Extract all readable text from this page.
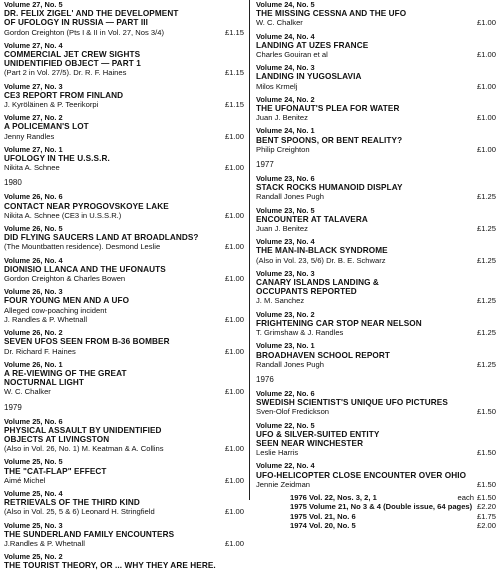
Volume 27, No. 5
DR. FELIX ZIGEL' AND THE DEVELOPMENT
OF UFOLOGY IN RUSSIA — PART III
Gordon Creighton (Pts I & II in Vol. 27, Nos 3/4)	£1.15
Volume 27, No. 4
COMMERCIAL JET CREW SIGHTS
UNIDENTIFIED OBJECT — PART 1
(Part 2 in Vol. 27/5). Dr. R. F. Haines	£1.15
Volume 27, No. 3
CE3 REPORT FROM FINLAND
J. Kyröläinen & P. Teerikorpi	£1.15
Volume 27, No. 2
A POLICEMAN'S LOT
Jenny Randles	£1.00
Volume 27, No. 1
UFOLOGY IN THE U.S.S.R.
Nikita A. Schnee	£1.00
1980
Volume 26, No. 6
CONTACT NEAR PYROGOVSKOYE LAKE
Nikita A. Schnee (CE3 in U.S.S.R.)	£1.00
Volume 26, No. 5
DID FLYING SAUCERS LAND AT BROADLANDS?
(The Mountbatten residence). Desmond Leslie	£1.00
Volume 26, No. 4
DIONISIO LLANCA AND THE UFONAUTS
Gordon Creighton & Charles Bowen	£1.00
Volume 26, No. 3
FOUR YOUNG MEN AND A UFO
Alleged cow-poaching incident
J. Randles & P. Whetnall	£1.00
Volume 26, No. 2
SEVEN UFOS SEEN FROM B-36 BOMBER
Dr. Richard F. Haines	£1.00
Volume 26, No. 1
A RE-VIEWING OF THE GREAT
NOCTURNAL LIGHT
W. C. Chalker	£1.00
1979
Volume 25, No. 6
PHYSICAL ASSAULT BY UNIDENTIFIED
OBJECTS AT LIVINGSTON
(Also in Vol. 26, No. 1) M. Keatman & A. Collins	£1.00
Volume 25, No. 5
THE "CAT-FLAP" EFFECT
Aimé Michel	£1.00
Volume 25, No. 4
RETRIEVALS OF THE THIRD KIND
(Also in Vol. 25, 5 & 6) Leonard H. Stringfield	£1.00
Volume 25, No. 3
THE SUNDERLAND FAMILY ENCOUNTERS
J.Randles & P. Whetnall	£1.00
Volume 25, No. 2
THE TOURIST THEORY, OR ... WHY THEY ARE HERE.
Volume 24, No. 5
THE MISSING CESSNA AND THE UFO
W. C. Chalker	£1.00
Volume 24, No. 4
LANDING AT UZES FRANCE
Charles Gouiran et al	£1.00
Volume 24, No. 3
LANDING IN YUGOSLAVIA
Milos Krmelj	£1.00
Volume 24, No. 2
THE UFONAUT'S PLEA FOR WATER
Juan J. Benitez	£1.00
Volume 24, No. 1
BENT SPOONS, OR BENT REALITY?
Philip Creighton	£1.00
1977
Volume 23, No. 6
STACK ROCKS HUMANOID DISPLAY
Randall Jones Pugh	£1.25
Volume 23, No. 5
ENCOUNTER AT TALAVERA
Juan J. Benitez	£1.25
Volume 23, No. 4
THE MAN-IN-BLACK SYNDROME
(Also in Vol. 23, 5/6) Dr. B. E. Schwarz	£1.25
Volume 23, No. 3
CANARY ISLANDS LANDING &
OCCUPANTS REPORTED
J. M. Sanchez	£1.25
Volume 23, No. 2
FRIGHTENING CAR STOP NEAR NELSON
T. Grimshaw & J. Randles	£1.25
Volume 23, No. 1
BROADHAVEN SCHOOL REPORT
Randall Jones Pugh	£1.25
1976
Volume 22, No. 6
SWEDISH SCIENTIST'S UNIQUE UFO PICTURES
Sven-Olof Fredickson	£1.50
Volume 22, No. 5
UFO & SILVER-SUITED ENTITY
SEEN NEAR WINCHESTER
Leslie Harris	£1.50
Volume 22, No. 4
UFO-HELICOPTER CLOSE ENCOUNTER OVER OHIO
Jennie Zeidman	£1.50
1976 Vol. 22, Nos. 3, 2, 1	each £1.50
1975 Volume 21, No 3 & 4 (Double issue, 64 pages) £2.20
1975 Vol. 21, No. 6	£1.75
1974 Vol. 20, No. 5	£2.00
